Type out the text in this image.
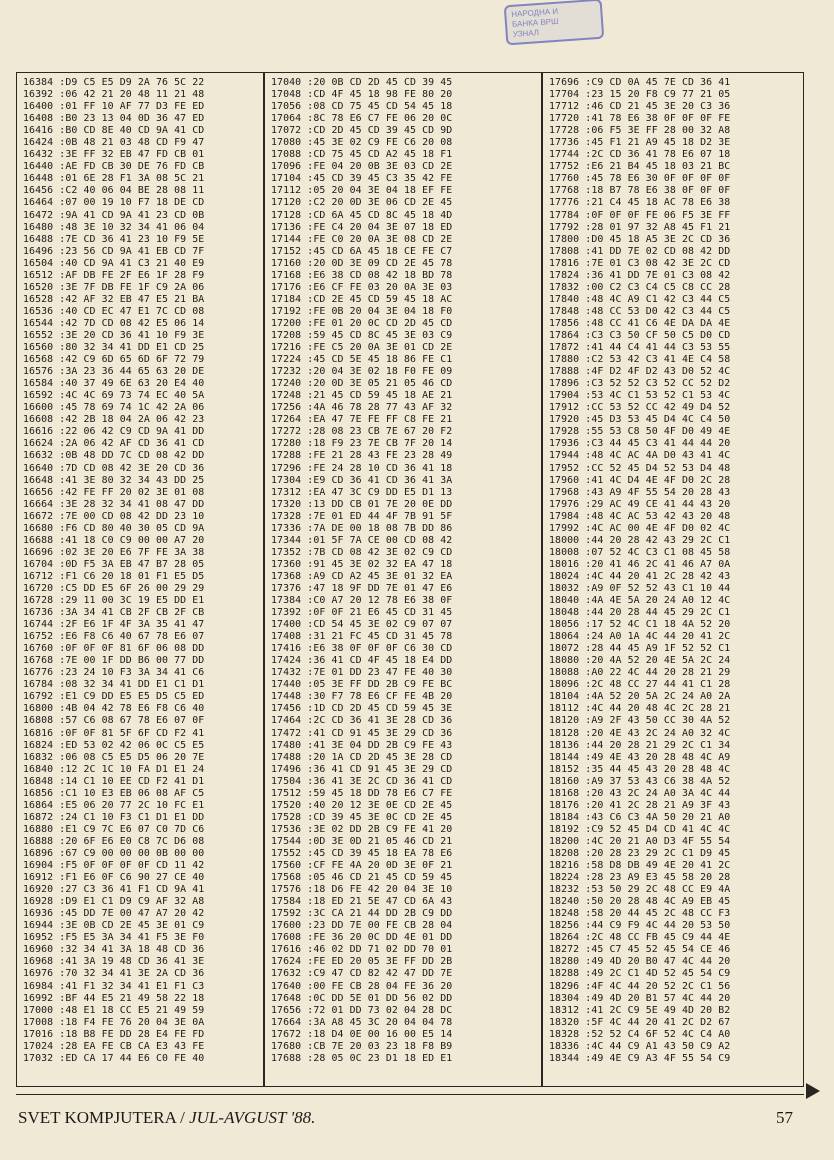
НАРОДНА И
БАНКА ВРШ
УЗНАЛ
16384 :D9 C5 E5 D9 2A 76 5C 22
16392 :06 42 21 20 48 11 21 48
16400 :01 FF 10 AF 77 D3 FE ED
16408 :B0 23 13 04 0D 36 47 ED
16416 :B0 CD 8E 40 CD 9A 41 CD
16424 :0B 48 21 03 48 CD F9 47
16432 :3E FF 32 EB 47 FD CB 01
16440 :AE FD CB 30 DE 76 FD CB
16448 :01 6E 28 F1 3A 08 5C 21
16456 :C2 40 06 04 BE 28 08 11
16464 :07 00 19 10 F7 18 DE CD
16472 :9A 41 CD 9A 41 23 CD 0B
16480 :48 3E 10 32 34 41 06 04
16488 :7E CD 36 41 23 10 F9 5E
16496 :23 56 CD 9A 41 EB CD 7F
16504 :40 CD 9A 41 C3 21 40 E9
16512 :AF DB FE 2F E6 1F 28 F9
16520 :3E 7F DB FE 1F C9 2A 06
16528 :42 AF 32 EB 47 E5 21 BA
16536 :40 CD EC 47 E1 7C CD 08
16544 :42 7D CD 08 42 E5 06 14
16552 :3E 20 CD 36 41 10 F9 3E
16560 :80 32 34 41 DD E1 CD 25
16568 :42 C9 6D 65 6D 6F 72 79
16576 :3A 23 36 44 65 63 20 DE
16584 :40 37 49 6E 63 20 E4 40
16592 :4C 4C 69 73 74 EC 40 5A
16600 :45 78 69 74 1C 42 2A 06
16608 :42 2B 18 04 2A 06 42 23
16616 :22 06 42 C9 CD 9A 41 DD
16624 :2A 06 42 AF CD 36 41 CD
16632 :0B 48 DD 7C CD 08 42 DD
16640 :7D CD 08 42 3E 20 CD 36
16648 :41 3E 80 32 34 43 DD 25
16656 :42 FE FF 20 02 3E 01 08
16664 :3E 28 32 34 41 08 47 DD
16672 :7E 00 CD 08 42 DD 23 10
16680 :F6 CD 80 40 30 05 CD 9A
16688 :41 18 C0 C9 00 00 A7 20
16696 :02 3E 20 E6 7F FE 3A 38
16704 :0D F5 3A EB 47 B7 28 05
16712 :F1 C6 20 18 01 F1 E5 D5
16720 :C5 DD E5 6F 26 00 29 29
16728 :29 11 00 3C 19 E5 DD E1
16736 :3A 34 41 CB 2F CB 2F CB
16744 :2F E6 1F 4F 3A 35 41 47
16752 :E6 F8 C6 40 67 78 E6 07
16760 :0F 0F 0F 81 6F 06 08 DD
16768 :7E 00 1F DD B6 00 77 DD
16776 :23 24 10 F3 3A 34 41 C6
16784 :08 32 34 41 DD E1 C1 D1
16792 :E1 C9 DD E5 E5 D5 C5 ED
16800 :4B 04 42 78 E6 F8 C6 40
16808 :57 C6 08 67 78 E6 07 0F
16816 :0F 0F 81 5F 6F CD F2 41
16824 :ED 53 02 42 06 0C C5 E5
16832 :06 08 C5 E5 D5 06 20 7E
16840 :12 2C 1C 10 FA D1 E1 24
16848 :14 C1 10 EE CD F2 41 D1
16856 :C1 10 E3 EB 06 08 AF C5
16864 :E5 06 20 77 2C 10 FC E1
16872 :24 C1 10 F3 C1 D1 E1 DD
16880 :E1 C9 7C E6 07 C0 7D C6
16888 :20 6F E6 E0 C8 7C D6 08
16896 :67 C9 00 00 00 0B 00 00
16904 :F5 0F 0F 0F 0F CD 11 42
16912 :F1 E6 0F C6 90 27 CE 40
16920 :27 C3 36 41 F1 CD 9A 41
16928 :D9 E1 C1 D9 C9 AF 32 A8
16936 :45 DD 7E 00 47 A7 20 42
16944 :3E 0B CD 2E 45 3E 01 C9
16952 :F5 E5 3A 34 41 F5 3E F0
16960 :32 34 41 3A 18 48 CD 36
16968 :41 3A 19 48 CD 36 41 3E
16976 :70 32 34 41 3E 2A CD 36
16984 :41 F1 32 34 41 E1 F1 C3
16992 :BF 44 E5 21 49 58 22 18
17000 :48 E1 18 CC E5 21 49 59
17008 :18 F4 FE 76 20 04 3E 0A
17016 :18 B8 FE DD 28 E4 FE FD
17024 :28 EA FE CB CA E3 43 FE
17032 :ED CA 17 44 E6 C0 FE 40
17040 :20 0B CD 2D 45 CD 39 45
17048 :CD 4F 45 18 98 FE 80 20
17056 :08 CD 75 45 CD 54 45 18
17064 :8C 78 E6 C7 FE 06 20 0C
17072 :CD 2D 45 CD 39 45 CD 9D
17080 :45 3E 02 C9 FE C6 20 08
17088 :CD 75 45 CD A2 45 18 F1
17096 :FE 04 20 0B 3E 03 CD 2E
17104 :45 CD 39 45 C3 35 42 FE
17112 :05 20 04 3E 04 18 EF FE
17120 :C2 20 0D 3E 06 CD 2E 45
17128 :CD 6A 45 CD 8C 45 18 4D
17136 :FE C4 20 04 3E 07 18 ED
17144 :FE C0 20 0A 3E 08 CD 2E
17152 :45 CD 6A 45 18 CE FE C7
17160 :20 0D 3E 09 CD 2E 45 78
17168 :E6 38 CD 08 42 18 BD 78
17176 :E6 CF FE 03 20 0A 3E 03
17184 :CD 2E 45 CD 59 45 18 AC
17192 :FE 0B 20 04 3E 04 18 F0
17200 :FE 01 20 0C CD 2D 45 CD
17208 :59 45 CD 8C 45 3E 03 C9
17216 :FE C5 20 0A 3E 01 CD 2E
17224 :45 CD 5E 45 18 86 FE C1
17232 :20 04 3E 02 18 F0 FE 09
17240 :20 0D 3E 05 21 05 46 CD
17248 :21 45 CD 59 45 18 AE 21
17256 :4A 46 78 28 77 43 AF 32
17264 :EA 47 7E FE FF C8 FE 21
17272 :28 08 23 CB 7E 67 20 F2
17280 :18 F9 23 7E CB 7F 20 14
17288 :FE 21 28 43 FE 23 28 49
17296 :FE 24 28 10 CD 36 41 18
17304 :E9 CD 36 41 CD 36 41 3A
17312 :EA 47 3C C9 DD E5 D1 13
17320 :13 DD CB 01 7E 20 0E DD
17328 :7E 01 ED 44 4F 7B 91 5F
17336 :7A DE 00 18 08 7B DD 86
17344 :01 5F 7A CE 00 CD 08 42
17352 :7B CD 08 42 3E 02 C9 CD
17360 :91 45 3E 02 32 EA 47 18
17368 :A9 CD A2 45 3E 01 32 EA
17376 :47 18 9F DD 7E 01 47 E6
17384 :C0 A7 20 12 78 E6 38 0F
17392 :0F 0F 21 E6 45 CD 31 45
17400 :CD 54 45 3E 02 C9 07 07
17408 :31 21 FC 45 CD 31 45 78
17416 :E6 38 0F 0F 0F C6 30 CD
17424 :36 41 CD 4F 45 18 E4 DD
17432 :7E 01 DD 23 47 FE 40 30
17440 :05 3E FF DD 2B C9 FE BC
17448 :30 F7 78 E6 CF FE 4B 20
17456 :1D CD 2D 45 CD 59 45 3E
17464 :2C CD 36 41 3E 28 CD 36
17472 :41 CD 91 45 3E 29 CD 36
17480 :41 3E 04 DD 2B C9 FE 43
17488 :20 1A CD 2D 45 3E 28 CD
17496 :36 41 CD 91 45 3E 29 CD
17504 :36 41 3E 2C CD 36 41 CD
17512 :59 45 18 DD 78 E6 C7 FE
17520 :40 20 12 3E 0E CD 2E 45
17528 :CD 39 45 3E 0C CD 2E 45
17536 :3E 02 DD 2B C9 FE 41 20
17544 :0D 3E 0D 21 05 46 CD 21
17552 :45 CD 39 45 18 EA 78 E6
17560 :CF FE 4A 20 0D 3E 0F 21
17568 :05 46 CD 21 45 CD 59 45
17576 :18 D6 FE 42 20 04 3E 10
17584 :18 ED 21 5E 47 CD 6A 43
17592 :3C CA 21 44 DD 2B C9 DD
17600 :23 DD 7E 00 FE CB 28 04
17608 :FE 36 20 0C DD 4E 01 DD
17616 :46 02 DD 71 02 DD 70 01
17624 :FE ED 20 05 3E FF DD 2B
17632 :C9 47 CD 82 42 47 DD 7E
17640 :00 FE CB 28 04 FE 36 20
17648 :0C DD 5E 01 DD 56 02 DD
17656 :72 01 DD 73 02 04 28 DC
17664 :3A A8 45 3C 20 04 04 78
17672 :18 D4 0E 00 16 00 E5 14
17680 :CB 7E 20 03 23 18 F8 B9
17688 :28 05 0C 23 D1 18 ED E1
17696 :C9 CD 0A 45 7E CD 36 41
17704 :23 15 20 F8 C9 77 21 05
17712 :46 CD 21 45 3E 20 C3 36
17720 :41 78 E6 38 0F 0F 0F FE
17728 :06 F5 3E FF 28 00 32 A8
17736 :45 F1 21 A9 45 18 D2 3E
17744 :2C CD 36 41 78 E6 07 18
17752 :E6 21 B4 45 18 03 21 BC
17760 :45 78 E6 30 0F 0F 0F 0F
17768 :18 B7 78 E6 38 0F 0F 0F
17776 :21 C4 45 18 AC 78 E6 38
17784 :0F 0F 0F FE 06 F5 3E FF
17792 :28 01 97 32 A8 45 F1 21
17800 :D0 45 18 A5 3E 2C CD 36
17808 :41 DD 7E 02 CD 08 42 DD
17816 :7E 01 C3 08 42 3E 2C CD
17824 :36 41 DD 7E 01 C3 08 42
17832 :00 C2 C3 C4 C5 C8 CC 28
17840 :48 4C A9 C1 42 C3 44 C5
17848 :48 CC 53 D0 42 C3 44 C5
17856 :48 CC 41 C6 4E DA DA 4E
17864 :C3 C3 50 CF 50 C5 D0 CD
17872 :41 44 C4 41 44 C3 53 55
17880 :C2 53 42 C3 41 4E C4 58
17888 :4F D2 4F D2 43 D0 52 4C
17896 :C3 52 52 C3 52 CC 52 D2
17904 :53 4C C1 53 52 C1 53 4C
17912 :CC 53 52 CC 42 49 D4 52
17920 :45 D3 53 45 D4 4C C4 50
17928 :55 53 C8 50 4F D0 49 4E
17936 :C3 44 45 C3 41 44 44 20
17944 :48 4C AC 4A D0 43 41 4C
17952 :CC 52 45 D4 52 53 D4 48
17960 :41 4C D4 4E 4F D0 2C 28
17968 :43 A9 4F 55 54 20 28 43
17976 :29 AC 49 CE 41 44 43 20
17984 :48 4C AC 53 42 43 20 48
17992 :4C AC 00 4E 4F D0 02 4C
18000 :44 20 28 42 43 29 2C C1
18008 :07 52 4C C3 C1 08 45 58
18016 :20 41 46 2C 41 46 A7 0A
18024 :4C 44 20 41 2C 28 42 43
18032 :A9 0F 52 52 43 C1 10 44
18040 :4A 4E 5A 20 24 A0 12 4C
18048 :44 20 28 44 45 29 2C C1
18056 :17 52 4C C1 18 4A 52 20
18064 :24 A0 1A 4C 44 20 41 2C
18072 :28 44 45 A9 1F 52 52 C1
18080 :20 4A 52 20 4E 5A 2C 24
18088 :A0 22 4C 44 20 28 21 29
18096 :2C 48 CC 27 44 41 C1 28
18104 :4A 52 20 5A 2C 24 A0 2A
18112 :4C 44 20 48 4C 2C 28 21
18120 :A9 2F 43 50 CC 30 4A 52
18128 :20 4E 43 2C 24 A0 32 4C
18136 :44 20 28 21 29 2C C1 34
18144 :49 4E 43 20 28 48 4C A9
18152 :35 44 45 43 20 28 48 4C
18160 :A9 37 53 43 C6 38 4A 52
18168 :20 43 2C 24 A0 3A 4C 44
18176 :20 41 2C 28 21 A9 3F 43
18184 :43 C6 C3 4A 50 20 21 A0
18192 :C9 52 45 D4 CD 41 4C 4C
18200 :4C 20 21 A0 D3 4F 55 54
18208 :20 28 23 29 2C C1 D9 45
18216 :58 D8 DB 49 4E 20 41 2C
18224 :28 23 A9 E3 45 58 20 28
18232 :53 50 29 2C 48 CC E9 4A
18240 :50 20 28 48 4C A9 EB 45
18248 :58 20 44 45 2C 48 CC F3
18256 :44 C9 F9 4C 44 20 53 50
18264 :2C 48 CC FB 45 C9 44 4E
18272 :45 C7 45 52 45 54 CE 46
18280 :49 4D 20 B0 47 4C 44 20
18288 :49 2C C1 4D 52 45 54 C9
18296 :4F 4C 44 20 52 2C C1 56
18304 :49 4D 20 B1 57 4C 44 20
18312 :41 2C C9 5E 49 4D 20 B2
18320 :5F 4C 44 20 41 2C D2 67
18328 :52 52 C4 6F 52 4C C4 A0
18336 :4C 44 C9 A1 43 50 C9 A2
18344 :49 4E C9 A3 4F 55 54 C9
SVET KOMPJUTERA / JUL-AVGUST '88.	57
